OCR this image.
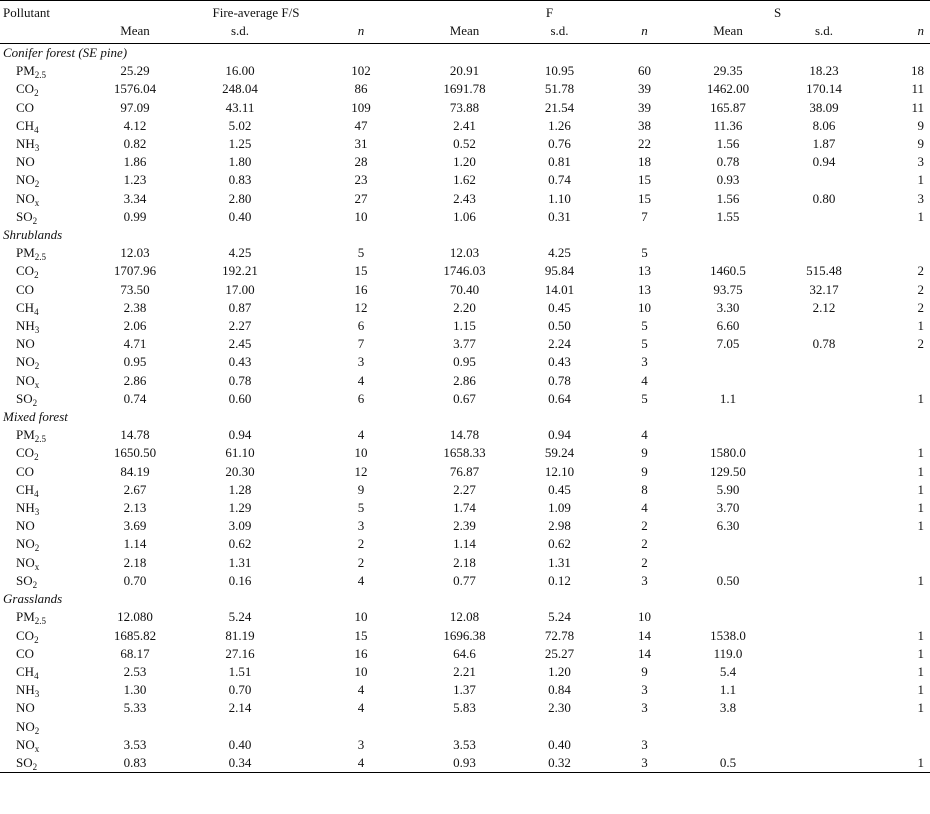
Pollutant	Fire-average F/S			F			S		
	Mean	s.d.	n	Mean	s.d.	n	Mean	s.d.	n
Conifer forest (SE pine)									
$PM_{2.5}$	25.29	16.00	102	20.91	10.95	60	29.35	18.23	18
$CO_2$	1576.04	248.04	86	1691.78	51.78	39	1462.00	170.14	11
CO	97.09	43.11	109	73.88	21.54	39	165.87	38.09	11
$CH_4$	4.12	5.02	47	2.41	1.26	38	11.36	8.06	9
$NH_3$	0.82	1.25	31	0.52	0.76	22	1.56	1.87	9
NO	1.86	1.80	28	1.20	0.81	18	0.78	0.94	3
$NO_2$	1.23	0.83	23	1.62	0.74	15	0.93		1
$NO_x$	3.34	2.80	27	2.43	1.10	15	1.56	0.80	3
$SO_2$	0.99	0.40	10	1.06	0.31	7	1.55		1
Shrublands									
$PM_{2.5}$	12.03	4.25	5	12.03	4.25	5			
$CO_2$	1707.96	192.21	15	1746.03	95.84	13	1460.5	515.48	2
CO	73.50	17.00	16	70.40	14.01	13	93.75	32.17	2
$CH_4$	2.38	0.87	12	2.20	0.45	10	3.30	2.12	2
$NH_3$	2.06	2.27	6	1.15	0.50	5	6.60		1
NO	4.71	2.45	7	3.77	2.24	5	7.05	0.78	2
$NO_2$	0.95	0.43	3	0.95	0.43	3			
$NO_x$	2.86	0.78	4	2.86	0.78	4			
$SO_2$	0.74	0.60	6	0.67	0.64	5	1.1		1
Mixed forest									
$PM_{2.5}$	14.78	0.94	4	14.78	0.94	4			
$CO_2$	1650.50	61.10	10	1658.33	59.24	9	1580.0		1
CO	84.19	20.30	12	76.87	12.10	9	129.50		1
$CH_4$	2.67	1.28	9	2.27	0.45	8	5.90		1
$NH_3$	2.13	1.29	5	1.74	1.09	4	3.70		1
NO	3.69	3.09	3	2.39	2.98	2	6.30		1
$NO_2$	1.14	0.62	2	1.14	0.62	2			
$NO_x$	2.18	1.31	2	2.18	1.31	2			
$SO_2$	0.70	0.16	4	0.77	0.12	3	0.50		1
Grasslands									
$PM_{2.5}$	12.080	5.24	10	12.08	5.24	10			
$CO_2$	1685.82	81.19	15	1696.38	72.78	14	1538.0		1
CO	68.17	27.16	16	64.6	25.27	14	119.0		1
$CH_4$	2.53	1.51	10	2.21	1.20	9	5.4		1
$NH_3$	1.30	0.70	4	1.37	0.84	3	1.1		1
NO	5.33	2.14	4	5.83	2.30	3	3.8		1
$NO_2$									
$NO_x$	3.53	0.40	3	3.53	0.40	3			
$SO_2$	0.83	0.34	4	0.93	0.32	3	0.5		1
